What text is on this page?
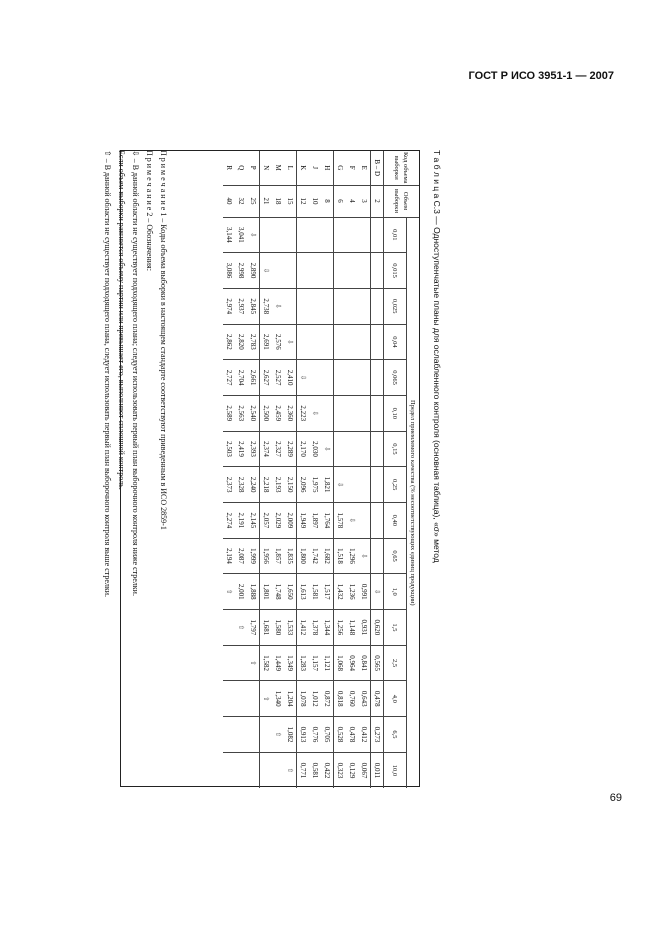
ГОСТ Р ИСО 3951-1 — 2007
Код объема выборки	Объем выборки	Предел приемлемого качества (% несоответствующих единиц продукции)															
		0,01	0,015	0,025	0,04	0,065	0,10	0,15	0,25	0,40	0,65	1,0	1,5	2,5	4,0	6,5	10,0
B – D	2											⇩	0,620	0,565	0,478	0,273	0,011
E	3										⇩	0,991	0,931	0,841	0,643	0,412	0,067
F	4									⇩	1,296	1,236	1,148	0,964	0,760	0,478	0,129
G	6								⇩	1,578	1,518	1,432	1,256	1,068	0,818	0,528	0,323
H	8							⇩	1,821	1,764	1,682	1,517	1,344	1,121	0,872	0,705	0,422
J	10						⇩	2,030	1,975	1,897	1,742	1,581	1,378	1,157	1,012	0,776	0,581
K	12					⇩	2,223	2,170	2,096	1,949	1,800	1,613	1,412	1,283	1,078	0,913	0,771
L	15				⇩	2,410	2,360	2,289	2,150	2,009	1,835	1,650	1,533	1,349	1,204	1,082	⇧
M	18			⇩	2,576	2,527	2,459	2,327	2,193	2,029	1,857	1,748	1,580	1,449	1,340	⇧	
N	21		⇩	2,738	2,691	2,627	2,500	2,374	2,218	2,057	1,956	1,801	1,681	1,582	⇧		
P	25	⇩	2,890	2,845	2,783	2,661	2,540	2,393	2,240	2,145	1,999	1,888	1,797	⇧			
Q	32	3,041	2,998	2,937	2,820	2,704	2,563	2,419	2,328	2,191	2,087	2,001	⇧				
R	40	3,144	3,086	2,974	2,862	2,727	2,589	2,503	2,373	2,274	2,194	⇧					
П р и м е ч а н и е 1 – Коды объема выборки в настоящем стандарте соответствуют приведенным в ИСО 2859-1
П р и м е ч а н и е 2 – Обозначения:
⇩ – В данной области не существует подходящего плана; следует использовать первый план выборочного контроля ниже стрелки.
Если объем выборки равняется объему партии или превышает его, выполняют сплошной контроль.
⇧ – В данной области не существует подходящего плана, следует использовать первый план выборочного контроля выше стрелки.	Т а б л и ц а С.3 — Одноступенчатые планы для ослабленного контроля (основная таблица), «σ» метод
69
